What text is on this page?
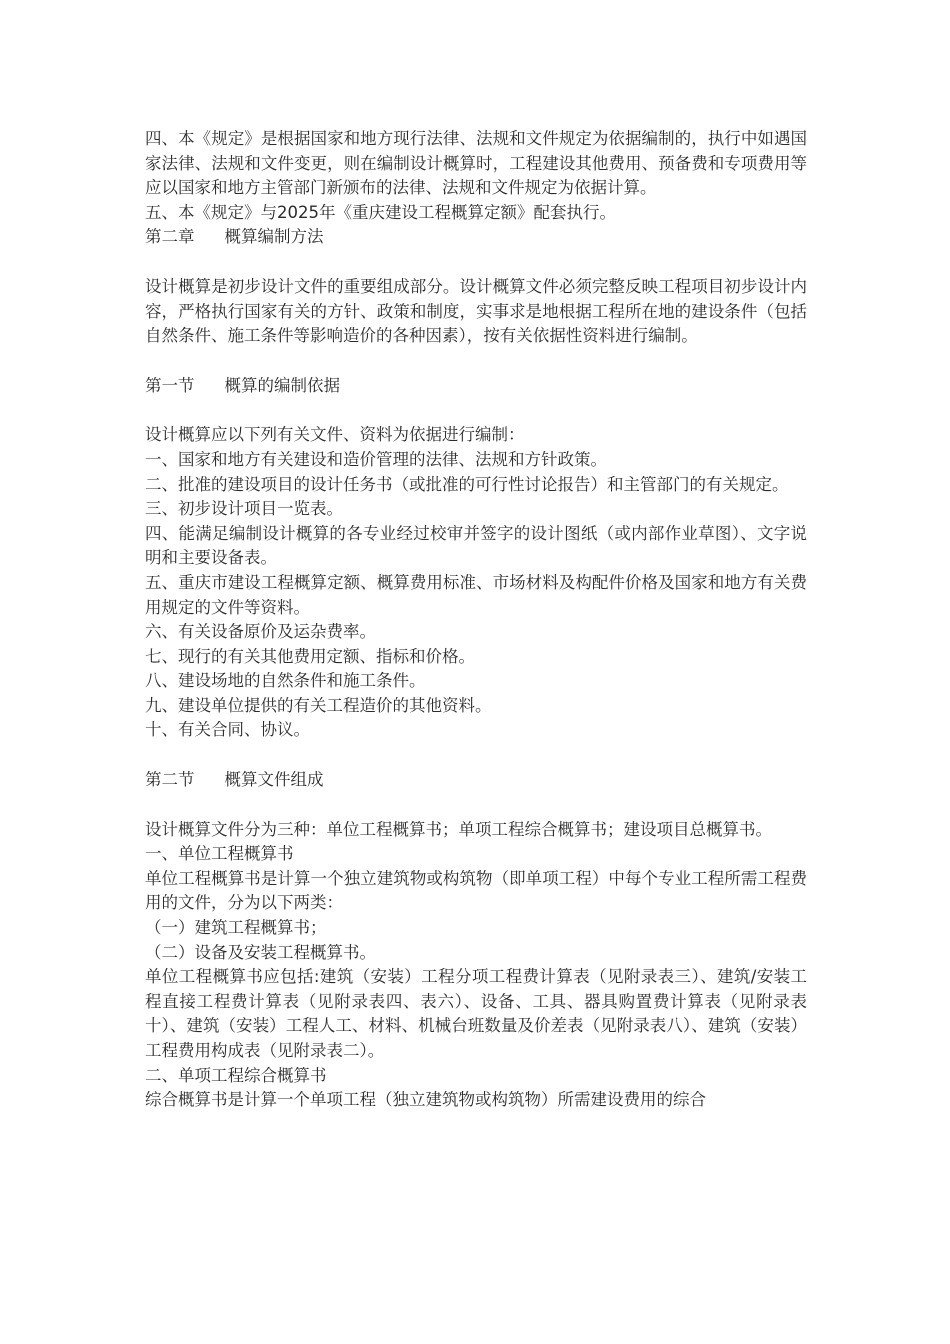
四、本《规定》是根据国家和地方现行法律、法规和文件规定为依据编制的，执行中如遇国家法律、法规和文件变更，则在编制设计概算时，工程建设其他费用、预备费和专项费用等应以国家和地方主管部门新颁布的法律、法规和文件规定为依据计算。

五、本《规定》与2025年《重庆建设工程概算定额》配套执行。

第二章 概算编制方法

设计概算是初步设计文件的重要组成部分。设计概算文件必须完整反映工程项目初步设计内容，严格执行国家有关的方针、政策和制度，实事求是地根据工程所在地的建设条件（包括自然条件、施工条件等影响造价的各种因素），按有关依据性资料进行编制。

第一节 概算的编制依据

设计概算应以下列有关文件、资料为依据进行编制：

一、国家和地方有关建设和造价管理的法律、法规和方针政策。

二、批准的建设项目的设计任务书（或批准的可行性讨论报告）和主管部门的有关规定。

三、初步设计项目一览表。

四、能满足编制设计概算的各专业经过校审并签字的设计图纸（或内部作业草图）、文字说明和主要设备表。

五、重庆市建设工程概算定额、概算费用标准、市场材料及构配件价格及国家和地方有关费用规定的文件等资料。

六、有关设备原价及运杂费率。

七、现行的有关其他费用定额、指标和价格。

八、建设场地的自然条件和施工条件。

九、建设单位提供的有关工程造价的其他资料。

十、有关合同、协议。

第二节 概算文件组成

设计概算文件分为三种：单位工程概算书；单项工程综合概算书；建设项目总概算书。

一、单位工程概算书

单位工程概算书是计算一个独立建筑物或构筑物（即单项工程）中每个专业工程所需工程费用的文件，分为以下两类：

（一）建筑工程概算书；

（二）设备及安装工程概算书。

单位工程概算书应包括:建筑（安装）工程分项工程费计算表（见附录表三）、建筑/安装工程直接工程费计算表（见附录表四、表六）、设备、工具、器具购置费计算表（见附录表十）、建筑（安装）工程人工、材料、机械台班数量及价差表（见附录表八）、建筑（安装）工程费用构成表（见附录表二）。

二、单项工程综合概算书

综合概算书是计算一个单项工程（独立建筑物或构筑物）所需建设费用的综合
